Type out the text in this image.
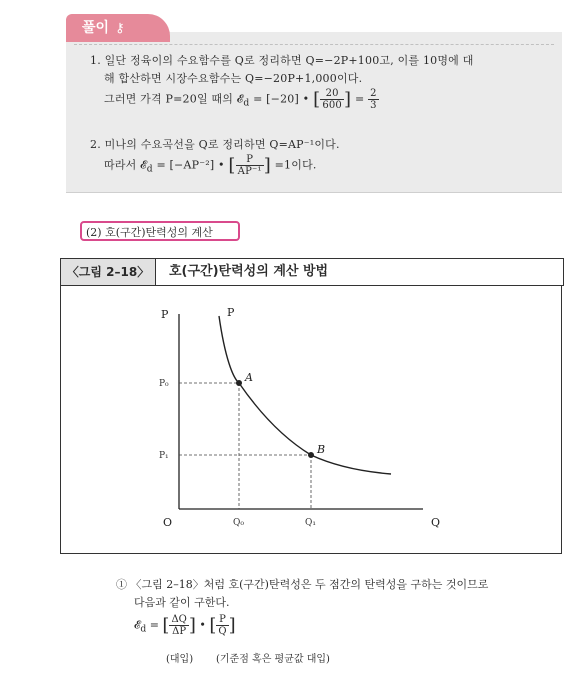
풀이 ⚷
1. 일단 정육이의 수요함수를 Q로 정리하면 Q=−2P+100고, 이를 10명에 대
해 합산하면 시장수요함수는 Q=−20P+1,000이다.
그러면 가격 P=20일 때의 𝓔$_d$ = [−20] • [ $\frac{20}{600}$ ] = $\frac{2}{3}$
2. 미나의 수요곡선을 Q로 정리하면 Q=AP⁻¹이다.
따라서 𝓔$_d$ = [−AP⁻²] • [ $\frac{P}{\text{AP⁻¹}}$ ] =1이다.
(2) 호(구간)탄력성의 계산
〈그림 2–18〉	호(구간)탄력성의 계산 방법
P
Q
O
P
A
B
Q₀	Q₁
P₀
P₁
① 〈그림 2–18〉처럼 호(구간)탄력성은 두 점간의 탄력성을 구하는 것이므로
다음과 같이 구한다.
𝓔$_d$ = [ $\frac{\Delta Q}{\Delta P}$ ] • [ $\frac{P}{Q}$ ]
(대입) (기준점 혹은 평균값 대입)
